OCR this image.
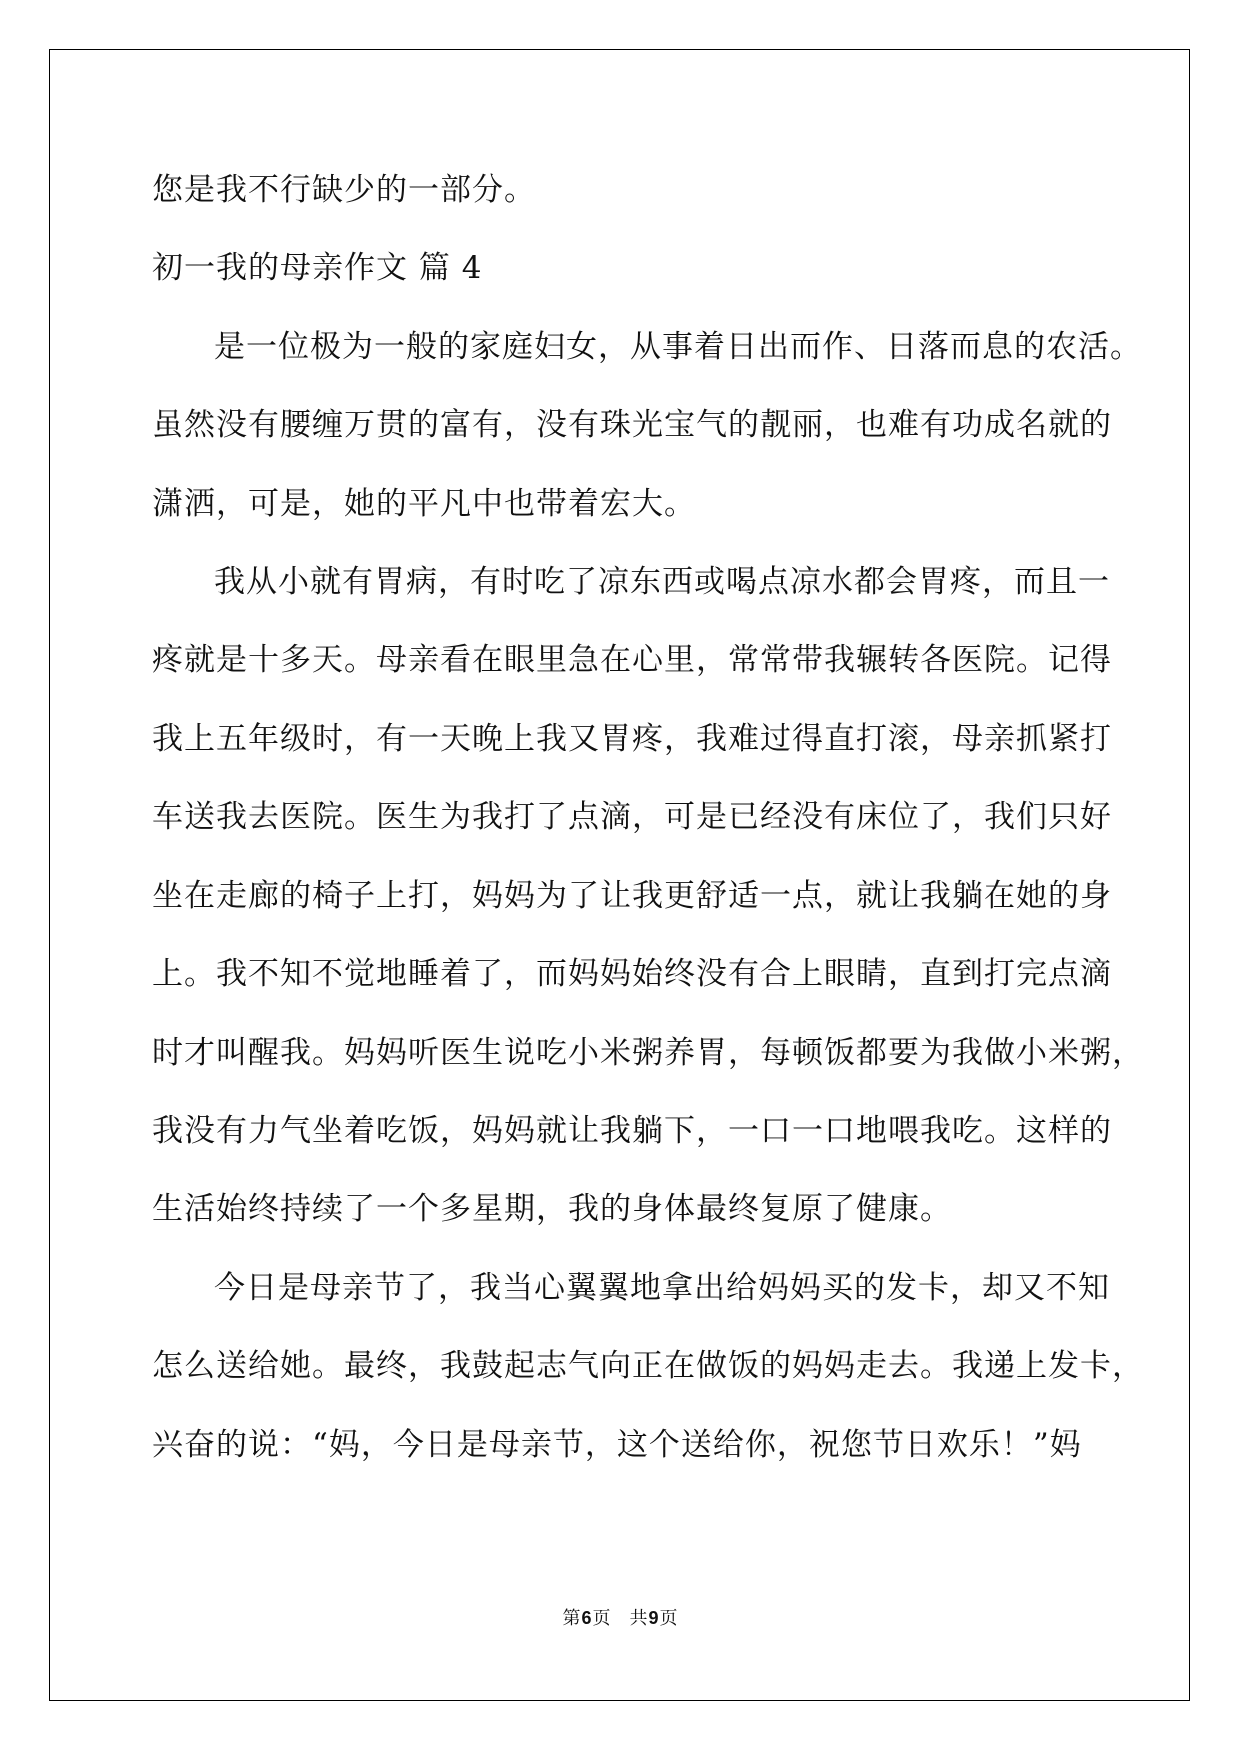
您是我不行缺少的一部分。
初一我的母亲作文 篇 4
是一位极为一般的家庭妇女，从事着日出而作、日落而息的农活。
虽然没有腰缠万贯的富有，没有珠光宝气的靓丽，也难有功成名就的
潇洒，可是，她的平凡中也带着宏大。
我从小就有胃病，有时吃了凉东西或喝点凉水都会胃疼，而且一
疼就是十多天。母亲看在眼里急在心里，常常带我辗转各医院。记得
我上五年级时，有一天晚上我又胃疼，我难过得直打滚，母亲抓紧打
车送我去医院。医生为我打了点滴，可是已经没有床位了，我们只好
坐在走廊的椅子上打，妈妈为了让我更舒适一点，就让我躺在她的身
上。我不知不觉地睡着了，而妈妈始终没有合上眼睛，直到打完点滴
时才叫醒我。妈妈听医生说吃小米粥养胃，每顿饭都要为我做小米粥，
我没有力气坐着吃饭，妈妈就让我躺下，一口一口地喂我吃。这样的
生活始终持续了一个多星期，我的身体最终复原了健康。
今日是母亲节了，我当心翼翼地拿出给妈妈买的发卡，却又不知
怎么送给她。最终，我鼓起志气向正在做饭的妈妈走去。我递上发卡，
兴奋的说：“妈，今日是母亲节，这个送给你，祝您节日欢乐！”妈
第6页 共9页
